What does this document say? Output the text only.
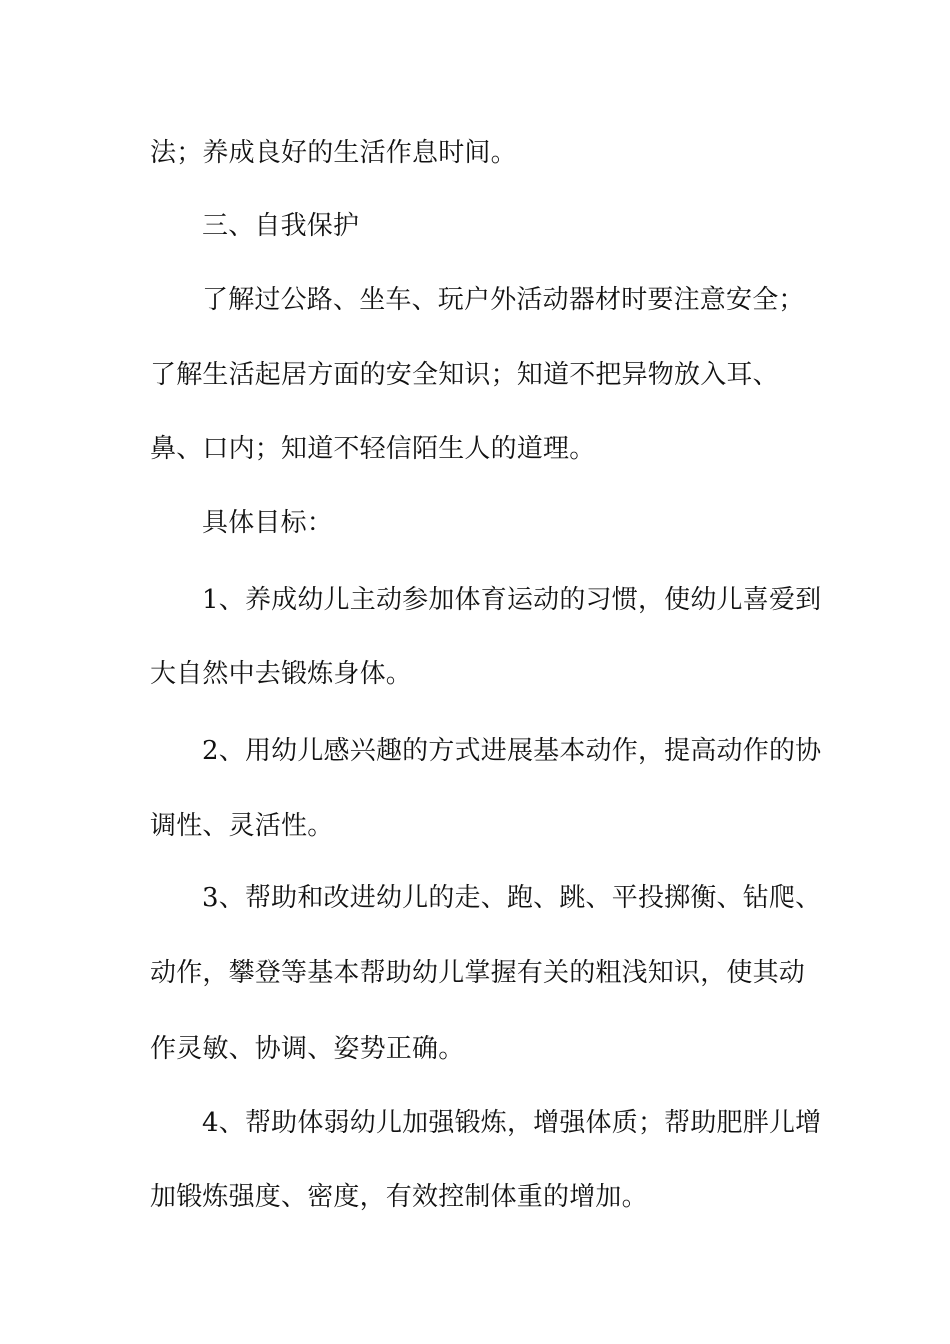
法；养成良好的生活作息时间。
三、自我保护
了解过公路、坐车、玩户外活动器材时要注意安全；
了解生活起居方面的安全知识；知道不把异物放入耳、
鼻、口内；知道不轻信陌生人的道理。
具体目标：
1、养成幼儿主动参加体育运动的习惯，使幼儿喜爱到
大自然中去锻炼身体。
2、用幼儿感兴趣的方式进展基本动作，提高动作的协
调性、灵活性。
3、帮助和改进幼儿的走、跑、跳、平投掷衡、钻爬、
动作，攀登等基本帮助幼儿掌握有关的粗浅知识，使其动
作灵敏、协调、姿势正确。
4、帮助体弱幼儿加强锻炼，增强体质；帮助肥胖儿增
加锻炼强度、密度，有效控制体重的增加。
